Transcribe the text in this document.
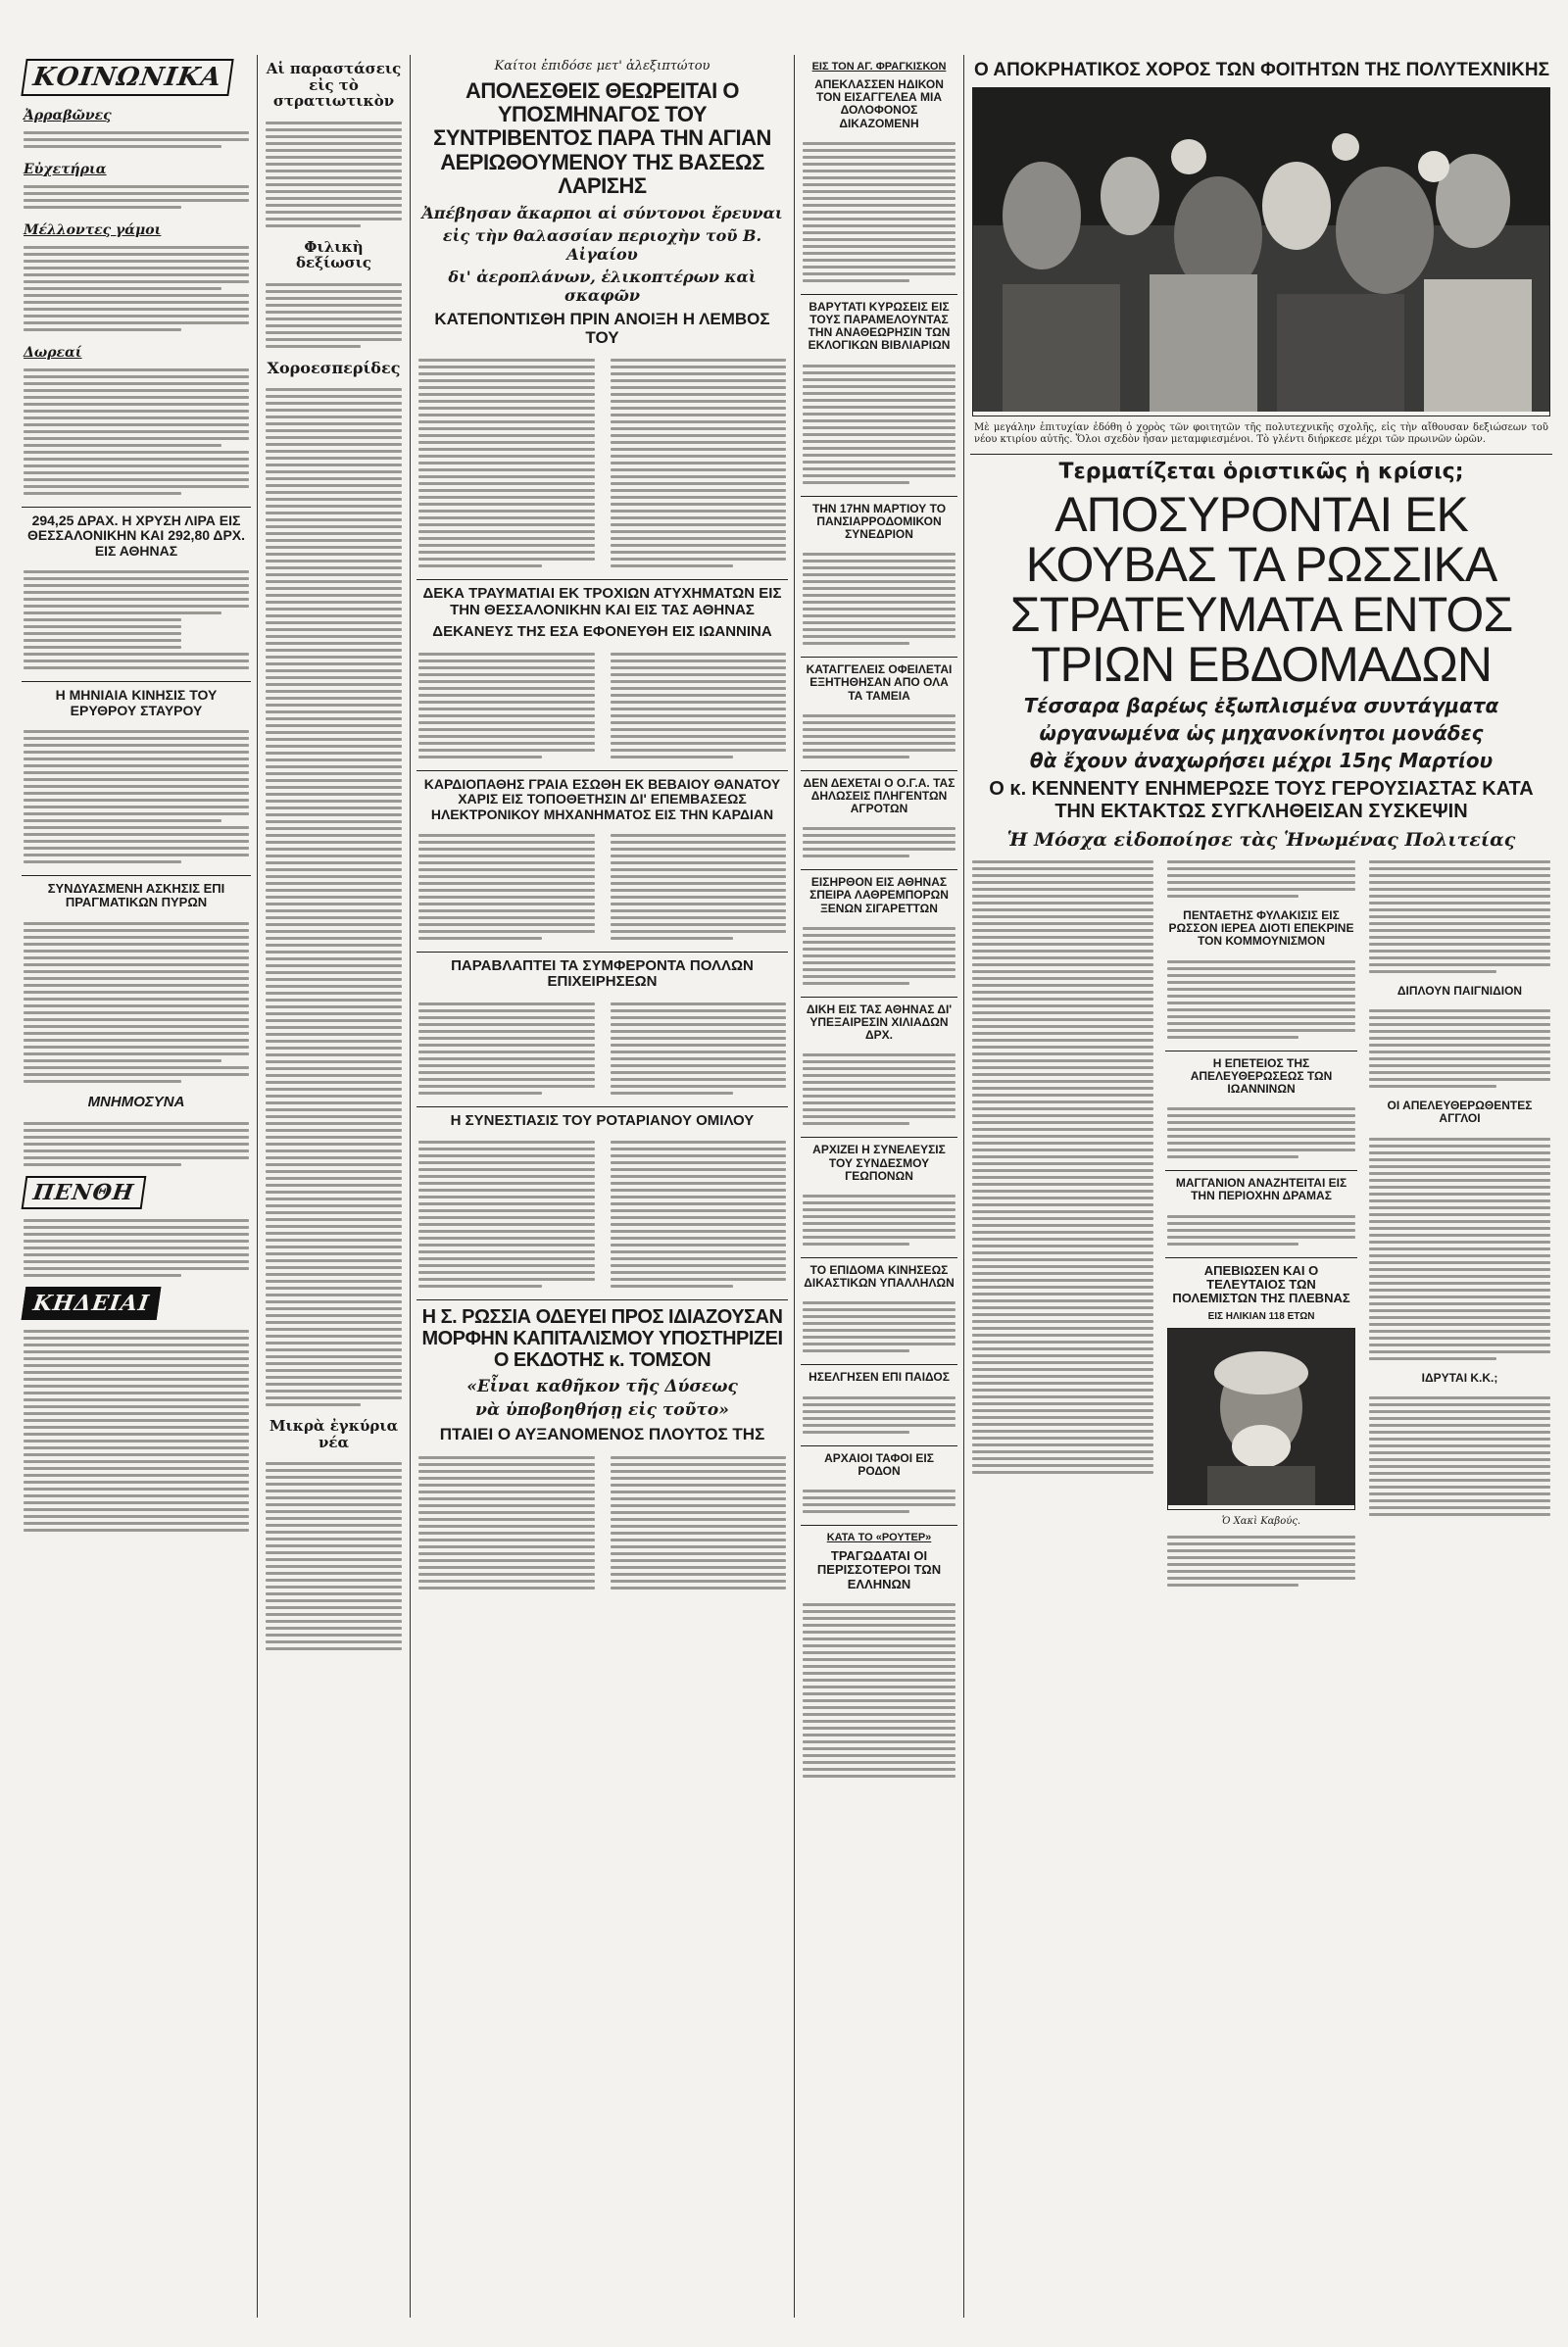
ΚΟΙΝΩΝΙΚΑ
Ἀρραβῶνες
Εὐχετήρια
Μέλλοντες γάμοι
Δωρεαί
294,25 ΔΡΑΧ. Η ΧΡΥΣΗ ΛΙΡΑ ΕΙΣ ΘΕΣΣΑΛΟΝΙΚΗΝ ΚΑΙ 292,80 ΔΡΧ. ΕΙΣ ΑΘΗΝΑΣ
Η ΜΗΝΙΑΙΑ ΚΙΝΗΣΙΣ ΤΟΥ ΕΡΥΘΡΟΥ ΣΤΑΥΡΟΥ
ΣΥΝΔΥΑΣΜΕΝΗ ΑΣΚΗΣΙΣ ΕΠΙ ΠΡΑΓΜΑΤΙΚΩΝ ΠΥΡΩΝ
ΜΝΗΜΟΣΥΝΑ
ΠΕΝΘΗ
ΚΗΔΕΙΑΙ
Αἱ παραστάσεις εἰς τὸ στρατιωτικὸν
Φιλικὴ δεξίωσις
Χοροεσπερίδες
Μικρὰ ἐγκύρια νέα
Καίτοι ἐπιδόσε μετ' ἀλεξιπτώτου
ΑΠΟΛΕΣΘΕΙΣ ΘΕΩΡΕΙΤΑΙ Ο ΥΠΟΣΜΗΝΑΓΟΣ ΤΟΥ ΣΥΝΤΡΙΒΕΝΤΟΣ ΠΑΡΑ ΤΗΝ ΑΓΙΑΝ ΑΕΡΙΩΘΟΥΜΕΝΟΥ ΤΗΣ ΒΑΣΕΩΣ ΛΑΡΙΣΗΣ
Ἀπέβησαν ἄκαρποι αἱ σύντονοι ἔρευναι
εἰς τὴν θαλασσίαν περιοχὴν τοῦ Β. Αἰγαίου
δι' ἀεροπλάνων, ἑλικοπτέρων καὶ σκαφῶν
ΚΑΤΕΠΟΝΤΙΣΘΗ ΠΡΙΝ ΑΝΟΙΞΗ Η ΛΕΜΒΟΣ ΤΟΥ
ΔΕΚΑ ΤΡΑΥΜΑΤΙΑΙ ΕΚ ΤΡΟΧΙΩΝ ΑΤΥΧΗΜΑΤΩΝ ΕΙΣ ΤΗΝ ΘΕΣΣΑΛΟΝΙΚΗΝ ΚΑΙ ΕΙΣ ΤΑΣ ΑΘΗΝΑΣ
ΔΕΚΑΝΕΥΣ ΤΗΣ ΕΣΑ ΕΦΟΝΕΥΘΗ ΕΙΣ ΙΩΑΝΝΙΝΑ
ΚΑΡΔΙΟΠΑΘΗΣ ΓΡΑΙΑ ΕΣΩΘΗ ΕΚ ΒΕΒΑΙΟΥ ΘΑΝΑΤΟΥ ΧΑΡΙΣ ΕΙΣ ΤΟΠΟΘΕΤΗΣΙΝ ΔΙ' ΕΠΕΜΒΑΣΕΩΣ ΗΛΕΚΤΡΟΝΙΚΟΥ ΜΗΧΑΝΗΜΑΤΟΣ ΕΙΣ ΤΗΝ ΚΑΡΔΙΑΝ
ΠΑΡΑΒΛΑΠΤΕΙ ΤΑ ΣΥΜΦΕΡΟΝΤΑ ΠΟΛΛΩΝ ΕΠΙΧΕΙΡΗΣΕΩΝ
Η ΣΥΝΕΣΤΙΑΣΙΣ ΤΟΥ ΡΟΤΑΡΙΑΝΟΥ ΟΜΙΛΟΥ
Η Σ. ΡΩΣΣΙΑ ΟΔΕΥΕΙ ΠΡΟΣ ΙΔΙΑΖΟΥΣΑΝ ΜΟΡΦΗΝ ΚΑΠΙΤΑΛΙΣΜΟΥ ΥΠΟΣΤΗΡΙΖΕΙ Ο ΕΚΔΟΤΗΣ κ. ΤΟΜΣΟΝ
«Εἶναι καθῆκον τῆς Δύσεως
νὰ ὑποβοηθήσῃ εἰς τοῦτο»
ΠΤΑΙΕΙ Ο ΑΥΞΑΝΟΜΕΝΟΣ ΠΛΟΥΤΟΣ ΤΗΣ
ΕΙΣ ΤΟΝ ΑΓ. ΦΡΑΓΚΙΣΚΟΝ
ΑΠΕΚΛΑΣΣΕΝ ΗΔΙΚΟΝ ΤΟΝ ΕΙΣΑΓΓΕΛΕΑ ΜΙΑ ΔΟΛΟΦΟΝΟΣ ΔΙΚΑΖΟΜΕΝΗ
ΒΑΡΥΤΑΤΙ ΚΥΡΩΣΕΙΣ ΕΙΣ ΤΟΥΣ ΠΑΡΑΜΕΛΟΥΝΤΑΣ ΤΗΝ ΑΝΑΘΕΩΡΗΣΙΝ ΤΩΝ ΕΚΛΟΓΙΚΩΝ ΒΙΒΛΙΑΡΙΩΝ
ΤΗΝ 17ΗΝ ΜΑΡΤΙΟΥ ΤΟ ΠΑΝΣΙΑΡΡΟΔΟΜΙΚΟΝ ΣΥΝΕΔΡΙΟΝ
ΚΑΤΑΓΓΕΛΕΙΣ ΟΦΕΙΛΕΤΑΙ ΕΞΗΤΗΘΗΣΑΝ ΑΠΟ ΟΛΑ ΤΑ ΤΑΜΕΙΑ
ΔΕΝ ΔΕΧΕΤΑΙ Ο Ο.Γ.Α. ΤΑΣ ΔΗΛΩΣΕΙΣ ΠΛΗΓΕΝΤΩΝ ΑΓΡΟΤΩΝ
ΕΙΣΗΡΘΟΝ ΕΙΣ ΑΘΗΝΑΣ ΣΠΕΙΡΑ ΛΑΘΡΕΜΠΟΡΩΝ ΞΕΝΩΝ ΣΙΓΑΡΕΤΤΩΝ
ΔΙΚΗ ΕΙΣ ΤΑΣ ΑΘΗΝΑΣ ΔΙ' ΥΠΕΞΑΙΡΕΣΙΝ ΧΙΛΙΑΔΩΝ ΔΡΧ.
ΑΡΧΙΖΕΙ Η ΣΥΝΕΛΕΥΣΙΣ ΤΟΥ ΣΥΝΔΕΣΜΟΥ ΓΕΩΠΟΝΩΝ
ΤΟ ΕΠΙΔΟΜΑ ΚΙΝΗΣΕΩΣ ΔΙΚΑΣΤΙΚΩΝ ΥΠΑΛΛΗΛΩΝ
ΗΣΕΛΓΗΣΕΝ ΕΠΙ ΠΑΙΔΟΣ
ΑΡΧΑΙΟΙ ΤΑΦΟΙ ΕΙΣ ΡΟΔΟΝ
ΚΑΤΑ ΤΟ «ΡΟΥΤΕΡ»
ΤΡΑΓΩΔΑΤΑΙ ΟΙ ΠΕΡΙΣΣΟΤΕΡΟΙ ΤΩΝ ΕΛΛΗΝΩΝ
Ο ΑΠΟΚΡΗΑΤΙΚΟΣ ΧΟΡΟΣ ΤΩΝ ΦΟΙΤΗΤΩΝ ΤΗΣ ΠΟΛΥΤΕΧΝΙΚΗΣ
Μὲ μεγάλην ἐπιτυχίαν ἐδόθη ὁ χορὸς τῶν φοιτητῶν τῆς πολυτεχνικῆς σχολῆς, εἰς τὴν αἴθουσαν δεξιώσεων τοῦ νέου κτιρίου αὐτῆς. Ὅλοι σχεδὸν ἦσαν μεταμφιεσμένοι. Τὸ γλέντι διήρκεσε μέχρι τῶν πρωινῶν ὡρῶν.
Τερματίζεται ὁριστικῶς ἡ κρίσις;
ΑΠΟΣΥΡΟΝΤΑΙ ΕΚ ΚΟΥΒΑΣ ΤΑ ΡΩΣΣΙΚΑ ΣΤΡΑΤΕΥΜΑΤΑ ΕΝΤΟΣ ΤΡΙΩΝ ΕΒΔΟΜΑΔΩΝ
Τέσσαρα βαρέως ἐξωπλισμένα συντάγματα
ὠργανωμένα ὡς μηχανοκίνητοι μονάδες
θὰ ἔχουν ἀναχωρήσει μέχρι 15ης Μαρτίου
Ο κ. ΚΕΝΝΕΝΤΥ ΕΝΗΜΕΡΩΣΕ ΤΟΥΣ ΓΕΡΟΥΣΙΑΣΤΑΣ ΚΑΤΑ ΤΗΝ ΕΚΤΑΚΤΩΣ ΣΥΓΚΛΗΘΕΙΣΑΝ ΣΥΣΚΕΨΙΝ
Ἡ Μόσχα εἰδοποίησε τὰς Ἡνωμένας Πολιτείας
ΠΕΝΤΑΕΤΗΣ ΦΥΛΑΚΙΣΙΣ ΕΙΣ ΡΩΣΣΟΝ ΙΕΡΕΑ ΔΙΟΤΙ ΕΠΕΚΡΙΝΕ ΤΟΝ ΚΟΜΜΟΥΝΙΣΜΟΝ
Η ΕΠΕΤΕΙΟΣ ΤΗΣ ΑΠΕΛΕΥΘΕΡΩΣΕΩΣ ΤΩΝ ΙΩΑΝΝΙΝΩΝ
ΜΑΓΓΑΝΙΟΝ ΑΝΑΖΗΤΕΙΤΑΙ ΕΙΣ ΤΗΝ ΠΕΡΙΟΧΗΝ ΔΡΑΜΑΣ
ΑΠΕΒΙΩΣΕΝ ΚΑΙ Ο ΤΕΛΕΥΤΑΙΟΣ ΤΩΝ ΠΟΛΕΜΙΣΤΩΝ ΤΗΣ ΠΛΕΒΝΑΣ
ΕΙΣ ΗΛΙΚΙΑΝ 118 ΕΤΩΝ
Ὁ Χακὶ Καβούς.
ΔΙΠΛΟΥΝ ΠΑΙΓΝΙΔΙΟΝ
ΟΙ ΑΠΕΛΕΥΘΕΡΩΘΕΝΤΕΣ ΑΓΓΛΟΙ
ΙΔΡΥΤΑΙ Κ.Κ.;
